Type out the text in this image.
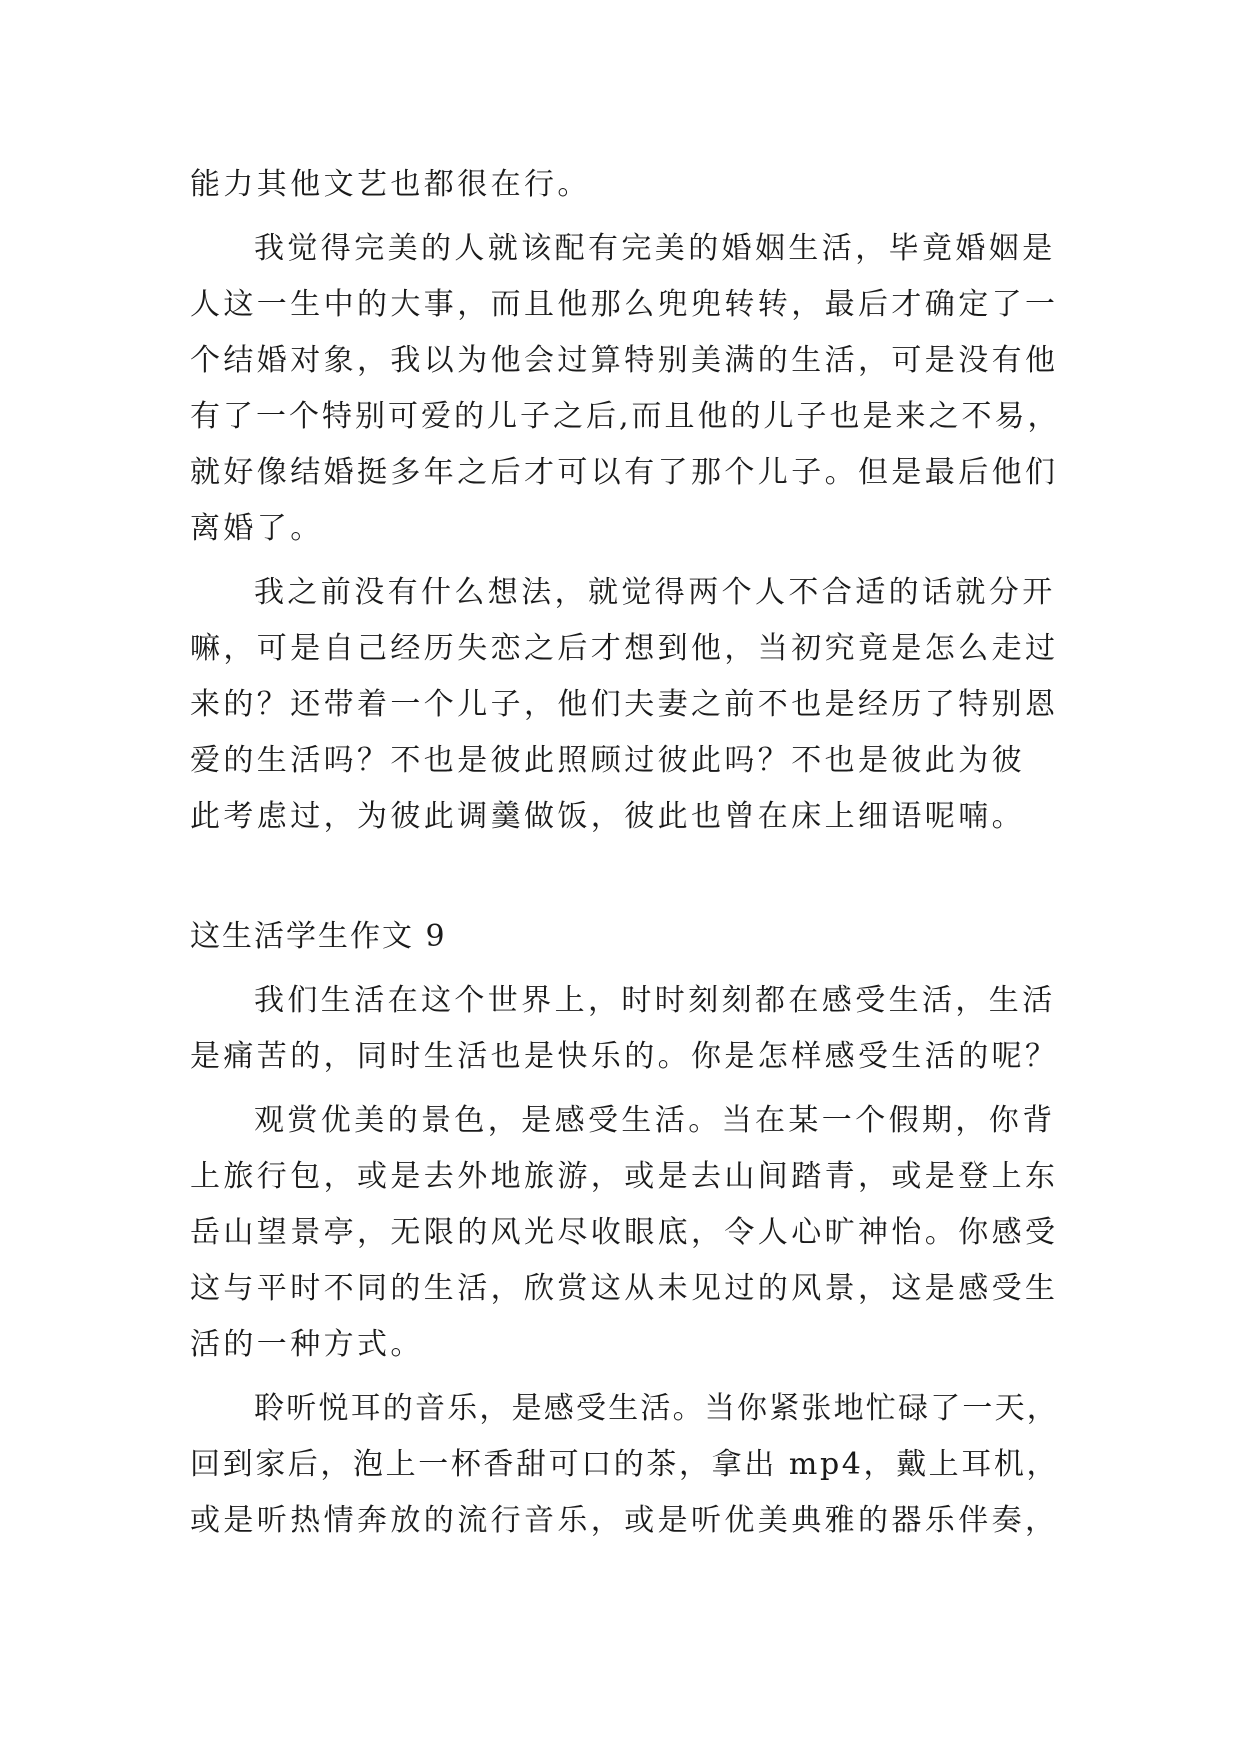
能力其他文艺也都很在行。
我觉得完美的人就该配有完美的婚姻生活，毕竟婚姻是
人这一生中的大事，而且他那么兜兜转转，最后才确定了一
个结婚对象，我以为他会过算特别美满的生活，可是没有他
有了一个特别可爱的儿子之后,而且他的儿子也是来之不易，
就好像结婚挺多年之后才可以有了那个儿子。但是最后他们
离婚了。
我之前没有什么想法，就觉得两个人不合适的话就分开
嘛，可是自己经历失恋之后才想到他，当初究竟是怎么走过
来的？还带着一个儿子，他们夫妻之前不也是经历了特别恩
爱的生活吗？不也是彼此照顾过彼此吗？不也是彼此为彼
此考虑过，为彼此调羹做饭，彼此也曾在床上细语呢喃。
这生活学生作文 9
我们生活在这个世界上，时时刻刻都在感受生活，生活
是痛苦的，同时生活也是快乐的。你是怎样感受生活的呢？
观赏优美的景色，是感受生活。当在某一个假期，你背
上旅行包，或是去外地旅游，或是去山间踏青，或是登上东
岳山望景亭，无限的风光尽收眼底，令人心旷神怡。你感受
这与平时不同的生活，欣赏这从未见过的风景，这是感受生
活的一种方式。
聆听悦耳的音乐，是感受生活。当你紧张地忙碌了一天，
回到家后，泡上一杯香甜可口的茶，拿出 mp4，戴上耳机，
或是听热情奔放的流行音乐，或是听优美典雅的器乐伴奏，
